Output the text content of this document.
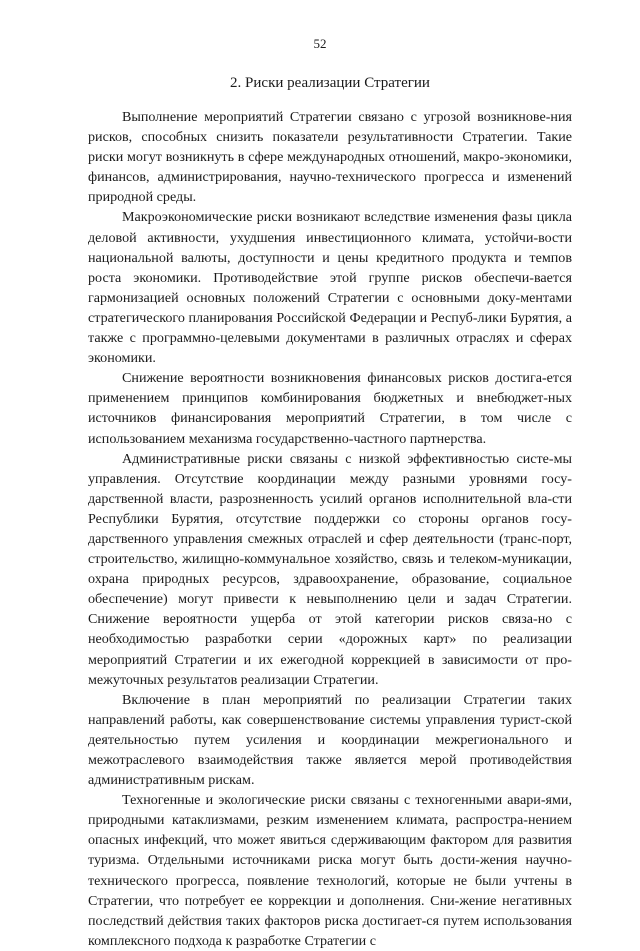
52
2. Риски реализации Стратегии

Выполнение мероприятий Стратегии связано с угрозой возникнове-ния рисков, способных снизить показатели результативности Стратегии. Такие риски могут возникнуть в сфере международных отношений, макро-экономики, финансов, администрирования, научно-технического прогресса и изменений природной среды.

Макроэкономические риски возникают вследствие изменения фазы цикла деловой активности, ухудшения инвестиционного климата, устойчи-вости национальной валюты, доступности и цены кредитного продукта и темпов роста экономики. Противодействие этой группе рисков обеспечи-вается гармонизацией основных положений Стратегии с основными доку-ментами стратегического планирования Российской Федерации и Респуб-лики Бурятия, а также с программно-целевыми документами в различных отраслях и сферах экономики.

Снижение вероятности возникновения финансовых рисков достига-ется применением принципов комбинирования бюджетных и внебюджет-ных источников финансирования мероприятий Стратегии, в том числе с использованием механизма государственно-частного партнерства.

Административные риски связаны с низкой эффективностью систе-мы управления. Отсутствие координации между разными уровнями госу-дарственной власти, разрозненность усилий органов исполнительной вла-сти Республики Бурятия, отсутствие поддержки со стороны органов госу-дарственного управления смежных отраслей и сфер деятельности (транс-порт, строительство, жилищно-коммунальное хозяйство, связь и телеком-муникации, охрана природных ресурсов, здравоохранение, образование, социальное обеспечение) могут привести к невыполнению цели и задач Стратегии. Снижение вероятности ущерба от этой категории рисков связа-но с необходимостью разработки серии «дорожных карт» по реализации мероприятий Стратегии и их ежегодной коррекцией в зависимости от про-межуточных результатов реализации Стратегии.

Включение в план мероприятий по реализации Стратегии таких направлений работы, как совершенствование системы управления турист-ской деятельностью путем усиления и координации межрегионального и межотраслевого взаимодействия также является мерой противодействия административным рискам.

Техногенные и экологические риски связаны с техногенными авари-ями, природными катаклизмами, резким изменением климата, распростра-нением опасных инфекций, что может явиться сдерживающим фактором для развития туризма. Отдельными источниками риска могут быть дости-жения научно-технического прогресса, появление технологий, которые не были учтены в Стратегии, что потребует ее коррекции и дополнения. Сни-жение негативных последствий действия таких факторов риска достигает-ся путем использования комплексного подхода к разработке Стратегии с
